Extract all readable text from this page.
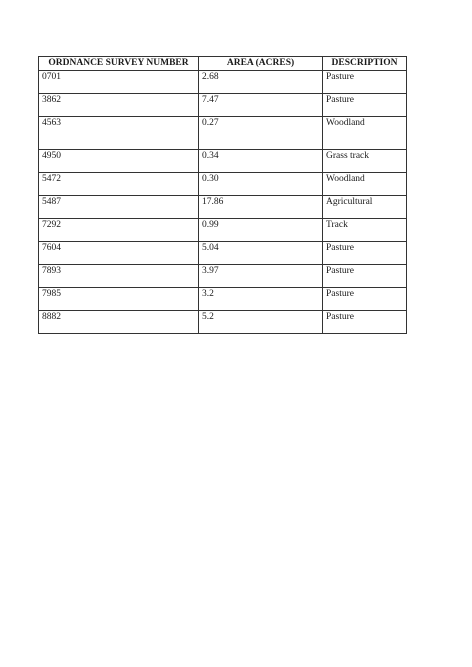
ORDNANCE SURVEY NUMBER	AREA (ACRES)	DESCRIPTION
0701	2.68	Pasture
3862	7.47	Pasture
4563	0.27	Woodland
4950	0.34	Grass track
5472	0.30	Woodland
5487	17.86	Agricultural
7292	0.99	Track
7604	5.04	Pasture
7893	3.97	Pasture
7985	3.2	Pasture
8882	5.2	Pasture
